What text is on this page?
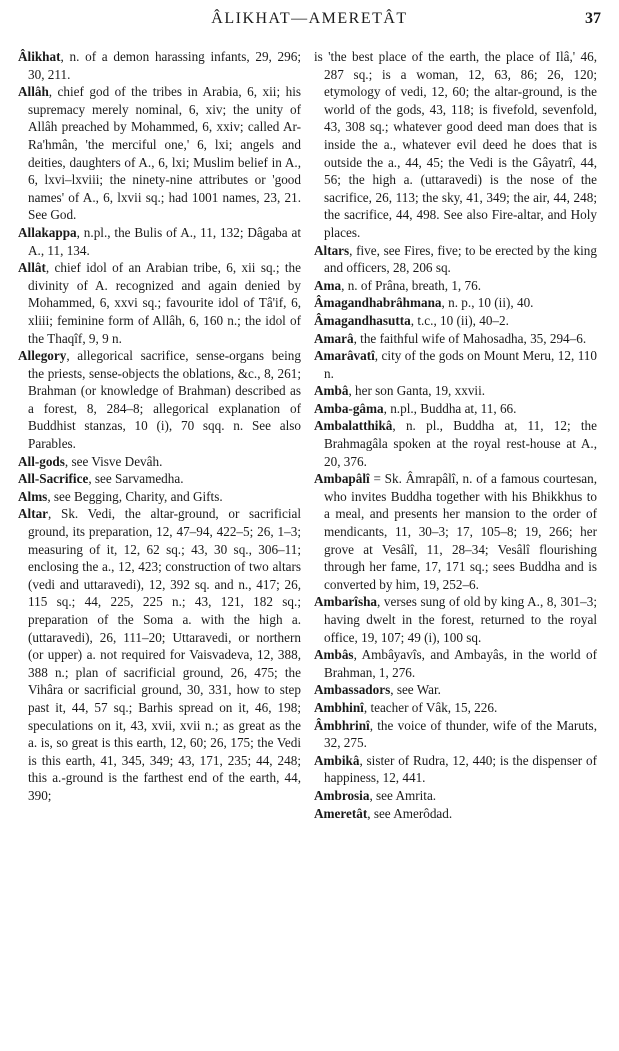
ÂLIKHAT—AMERETÂT	37

Âlikhat, n. of a demon harassing infants, 29, 296; 30, 211.

Allâh, chief god of the tribes in Arabia, 6, xii; his supremacy merely nominal, 6, xiv; the unity of Allâh preached by Mohammed, 6, xxiv; called Ar-Ra'hmân, 'the merciful one,' 6, lxi; angels and deities, daughters of A., 6, lxi; Muslim belief in A., 6, lxvi–lxviii; the ninety-nine attributes or 'good names' of A., 6, lxvii sq.; had 1001 names, 23, 21. See God.

Allakappa, n.pl., the Bulis of A., 11, 132; Dâgaba at A., 11, 134.

Allât, chief idol of an Arabian tribe, 6, xii sq.; the divinity of A. recognized and again denied by Mohammed, 6, xxvi sq.; favourite idol of Tâ'if, 6, xliii; feminine form of Allâh, 6, 160 n.; the idol of the Thaqîf, 9, 9 n.

Allegory, allegorical sacrifice, sense-organs being the priests, sense-objects the oblations, &c., 8, 261; Brahman (or knowledge of Brahman) described as a forest, 8, 284–8; allegorical explanation of Buddhist stanzas, 10 (i), 70 sqq. n. See also Parables.

All-gods, see Visve Devâh.

All-Sacrifice, see Sarvamedha.

Alms, see Begging, Charity, and Gifts.

Altar, Sk. Vedi, the altar-ground, or sacrificial ground, its preparation, 12, 47–94, 422–5; 26, 1–3; measuring of it, 12, 62 sq.; 43, 30 sq., 306–11; enclosing the a., 12, 423; construction of two altars (vedi and uttaravedi), 12, 392 sq. and n., 417; 26, 115 sq.; 44, 225, 225 n.; 43, 121, 182 sq.; preparation of the Soma a. with the high a. (uttaravedi), 26, 111–20; Uttaravedi, or northern (or upper) a. not required for Vaisvadeva, 12, 388, 388 n.; plan of sacrificial ground, 26, 475; the Vihâra or sacrificial ground, 30, 331, how to step past it, 44, 57 sq.; Barhis spread on it, 46, 198; speculations on it, 43, xvii, xvii n.; as great as the a. is, so great is this earth, 12, 60; 26, 175; the Vedi is this earth, 41, 345, 349; 43, 171, 235; 44, 248; this a.-ground is the farthest end of the earth, 44, 390;

is 'the best place of the earth, the place of Ilâ,' 46, 287 sq.; is a woman, 12, 63, 86; 26, 120; etymology of vedi, 12, 60; the altar-ground, is the world of the gods, 43, 118; is fivefold, sevenfold, 43, 308 sq.; whatever good deed man does that is inside the a., whatever evil deed he does that is outside the a., 44, 45; the Vedi is the Gâyatrî, 44, 56; the high a. (uttaravedi) is the nose of the sacrifice, 26, 113; the sky, 41, 349; the air, 44, 248; the sacrifice, 44, 498. See also Fire-altar, and Holy places.

Altars, five, see Fires, five; to be erected by the king and officers, 28, 206 sq.

Ama, n. of Prâna, breath, 1, 76.

Âmagandhabrâhmana, n. p., 10 (ii), 40.

Âmagandhasutta, t.c., 10 (ii), 40–2.

Amarâ, the faithful wife of Mahosadha, 35, 294–6.

Amarâvatî, city of the gods on Mount Meru, 12, 110 n.

Ambâ, her son Ganta, 19, xxvii.

Amba-gâma, n.pl., Buddha at, 11, 66.

Ambalatthikâ, n. pl., Buddha at, 11, 12; the Brahmagâla spoken at the royal rest-house at A., 20, 376.

Ambapâlî = Sk. Âmrapâlî, n. of a famous courtesan, who invites Buddha together with his Bhikkhus to a meal, and presents her mansion to the order of mendicants, 11, 30–3; 17, 105–8; 19, 266; her grove at Vesâlî, 11, 28–34; Vesâlî flourishing through her fame, 17, 171 sq.; sees Buddha and is converted by him, 19, 252–6.

Ambarîsha, verses sung of old by king A., 8, 301–3; having dwelt in the forest, returned to the royal office, 19, 107; 49 (i), 100 sq.

Ambâs, Ambâyavîs, and Ambayâs, in the world of Brahman, 1, 276.

Ambassadors, see War.

Ambhinî, teacher of Vâk, 15, 226.

Âmbhrinî, the voice of thunder, wife of the Maruts, 32, 275.

Ambikâ, sister of Rudra, 12, 440; is the dispenser of happiness, 12, 441.

Ambrosia, see Amrita.

Ameretât, see Amerôdad.
